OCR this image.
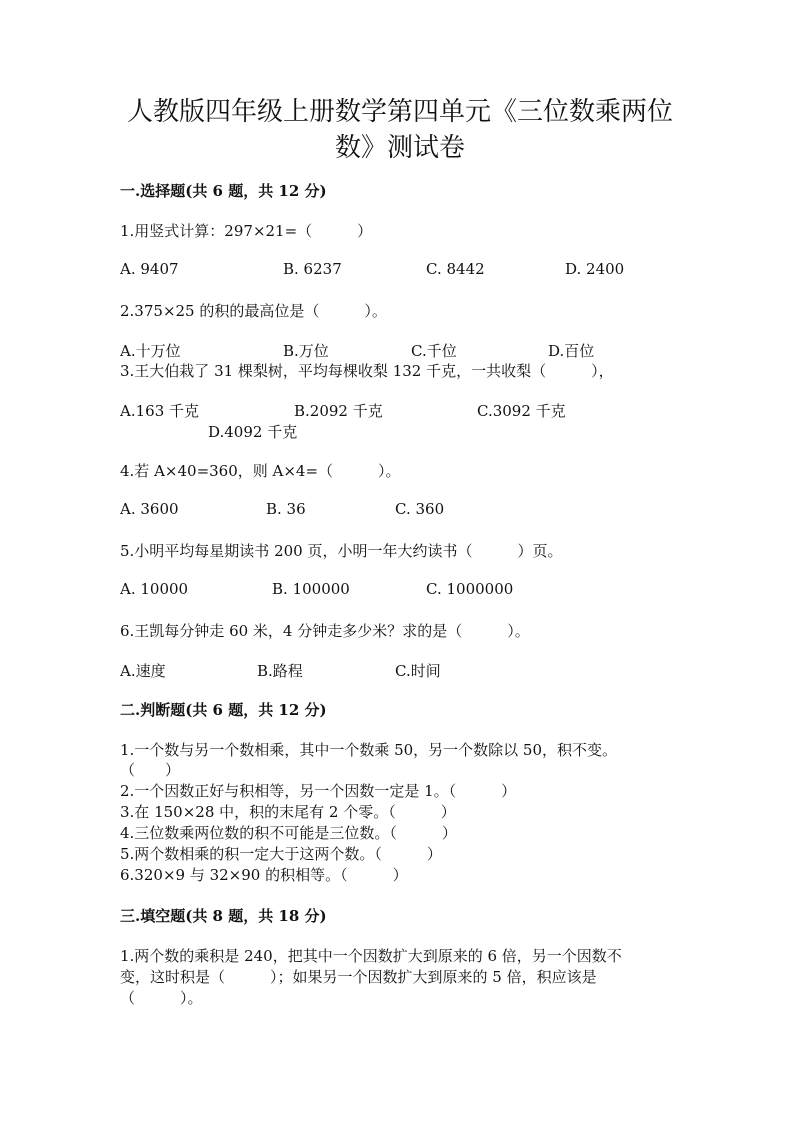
人教版四年级上册数学第四单元《三位数乘两位
数》测试卷
一.选择题(共 6 题，共 12 分)
1.用竖式计算：297×21=（　　　）
A. 9407	B. 6237	C. 8442	D. 2400
2.375×25 的积的最高位是（　　　）。
A.十万位	B.万位	C.千位	D.百位
3.王大伯栽了 31 棵梨树，平均每棵收梨 132 千克，一共收梨（　　　），
A.163 千克	B.2092 千克	C.3092 千克
D.4092 千克
4.若 A×40=360，则 A×4=（　　　）。
A. 3600	B. 36	C. 360
5.小明平均每星期读书 200 页，小明一年大约读书（　　　）页。
A. 10000	B. 100000	C. 1000000
6.王凯每分钟走 60 米，4 分钟走多少米？求的是（　　　）。
A.速度	B.路程	C.时间
二.判断题(共 6 题，共 12 分)
1.一个数与另一个数相乘，其中一个数乘 50，另一个数除以 50，积不变。
（　　）
2.一个因数正好与积相等，另一个因数一定是 1。（　　　）
3.在 150×28 中，积的末尾有 2 个零。（　　　）
4.三位数乘两位数的积不可能是三位数。（　　　）
5.两个数相乘的积一定大于这两个数。（　　　）
6.320×9 与 32×90 的积相等。（　　　）
三.填空题(共 8 题，共 18 分)
1.两个数的乘积是 240，把其中一个因数扩大到原来的 6 倍，另一个因数不
变，这时积是（　　　）；如果另一个因数扩大到原来的 5 倍，积应该是
（　　　）。
